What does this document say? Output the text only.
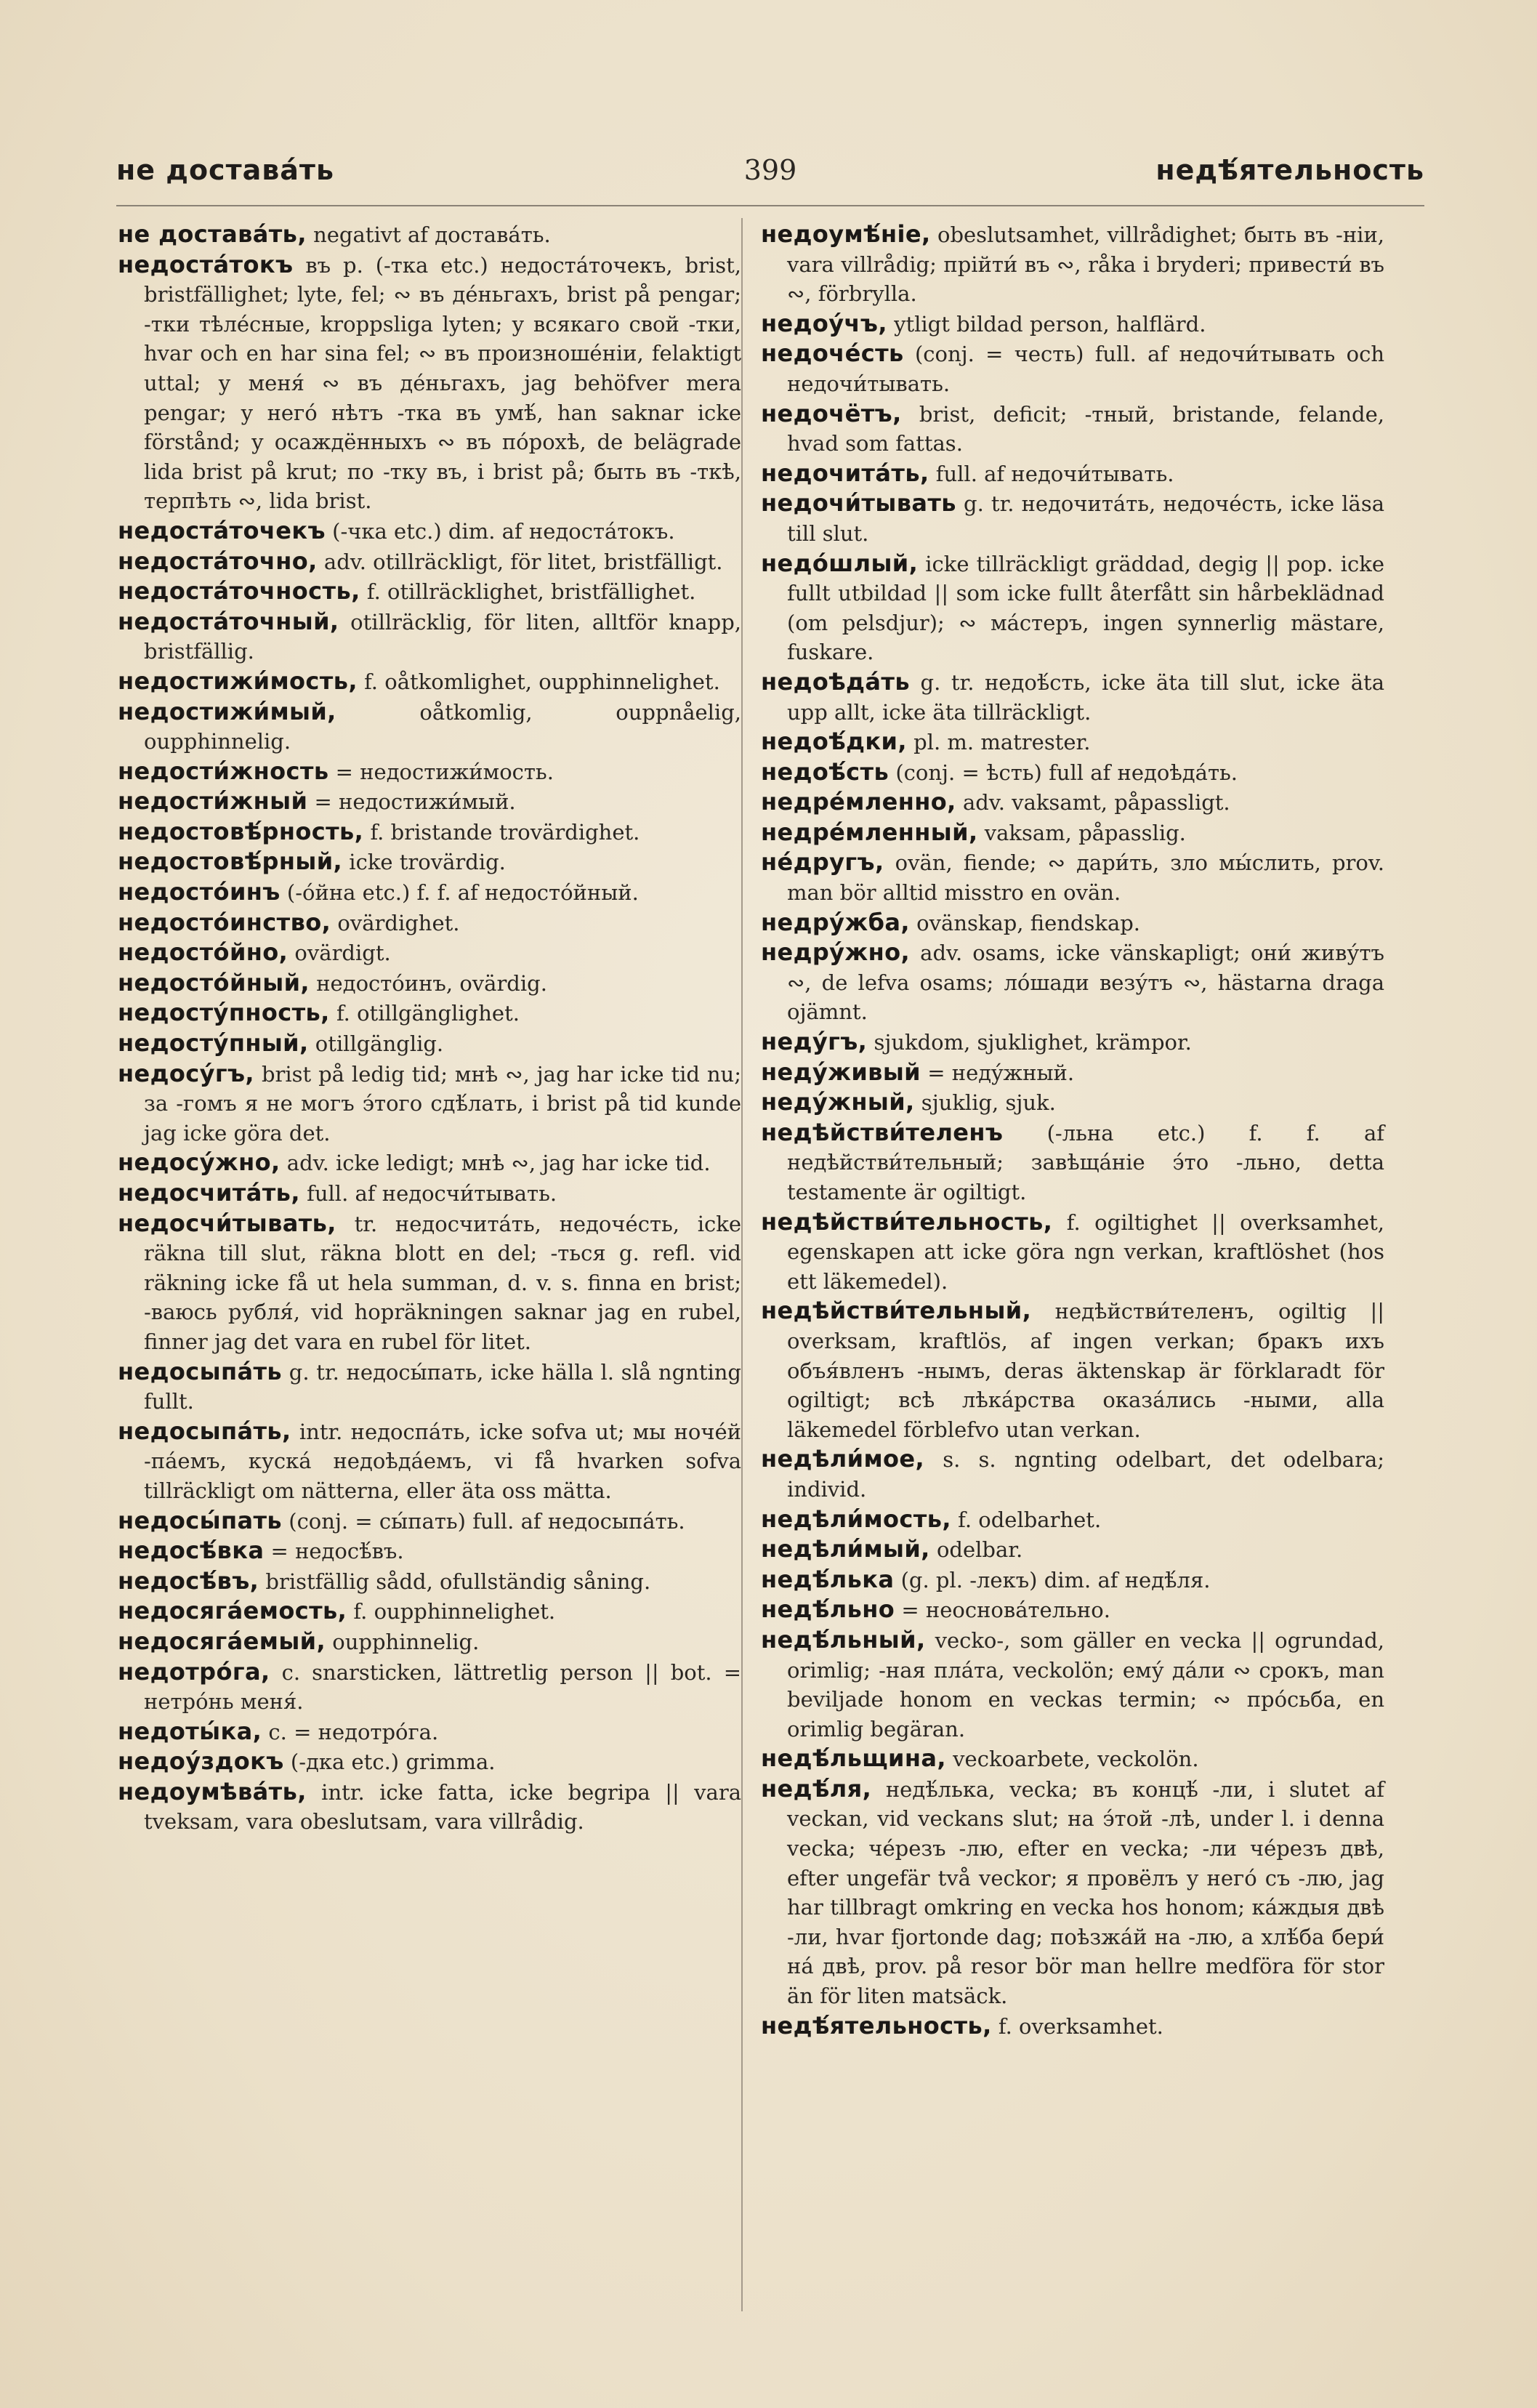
399
не доставáть	недѣ́ятельность

не доставáть, negativt af доставáть.

недостáтокъ въ p. (-тка etc.) недостáточекъ, brist, bristfällighet; lyte, fel; ∾ въ дéньгахъ, brist på pengar; -тки тѣлéсные, kroppsliga lyten; у всякаго свой -тки, hvar och en har sina fel; ∾ въ произношéніи, felaktigt uttal; у меня́ ∾ въ дéньгахъ, jag behöfver mera pengar; у негó нѣтъ -тка въ умѣ́, han saknar icke förstånd; у осаждённыхъ ∾ въ пóрохѣ, de belägrade lida brist på krut; по -тку въ, i brist på; быть въ -ткѣ, терпѣть ∾, lida brist.

недостáточекъ (-чка etc.) dim. af недостáтокъ.

недостáточно, adv. otillräckligt, för litet, bristfälligt.

недостáточность, f. otillräcklighet, bristfällighet.

недостáточный, otillräcklig, för liten, alltför knapp, bristfällig.

недостижи́мость, f. oåtkomlighet, oupphinnelighet.

недостижи́мый, oåtkomlig, ouppnåelig, oupphinnelig.

недости́жность = недостижи́мость.

недости́жный = недостижи́мый.

недостовѣ́рность, f. bristande trovärdighet.

недостовѣ́рный, icke trovärdig.

недостóинъ (-óйна etc.) f. f. af недостóйный.

недостóинство, ovärdighet.

недостóйно, ovärdigt.

недостóйный, недостóинъ, ovärdig.

недосту́пность, f. otillgänglighet.

недосту́пный, otillgänglig.

недосу́гъ, brist på ledig tid; мнѣ ∾, jag har icke tid nu; за -гомъ я не могъ э́того сдѣ́лать, i brist på tid kunde jag icke göra det.

недосу́жно, adv. icke ledigt; мнѣ ∾, jag har icke tid.

недосчитáть, full. af недосчи́тывать.

недосчи́тывать, tr. недосчитáть, недочéсть, icke räkna till slut, räkna blott en del; -ться g. refl. vid räkning icke få ut hela summan, d. v. s. finna en brist; -ваюсь рубля́, vid hopräkningen saknar jag en rubel, finner jag det vara en rubel för litet.

недосыпáть g. tr. недосы́пать, icke hälla l. slå ngnting fullt.

недосыпáть, intr. недоспáть, icke sofva ut; мы ночéй -пáемъ, кускá недоѣдáемъ, vi få hvarken sofva tillräckligt om nätterna, eller äta oss mätta.

недосы́пать (conj. = сы́пать) full. af недосыпáть.

недосѣ́вка = недосѣ́въ.

недосѣ́въ, bristfällig sådd, ofullständig såning.

недосягáемость, f. oupphinnelighet.

недосягáемый, oupphinnelig.

недотрóга, c. snarsticken, lättretlig person || bot. = нетрóнь меня́.

недоты́ка, c. = недотрóга.

недоу́здокъ (-дка etc.) grimma.

недоумѣвáть, intr. icke fatta, icke begripa || vara tveksam, vara obeslutsam, vara villrådig.

недоумѣ́ніе, obeslutsamhet, villrådighet; быть въ -ніи, vara villrådig; прійти́ въ ∾, råka i bryderi; привести́ въ ∾, förbrylla.

недоу́чъ, ytligt bildad person, halflärd.

недочéсть (conj. = честь) full. af недочи́тывать och недочи́тывать.

недочётъ, brist, deficit; -тный, bristande, felande, hvad som fattas.

недочитáть, full. af недочи́тывать.

недочи́тывать g. tr. недочитáть, недочéсть, icke läsa till slut.

недóшлый, icke tillräckligt gräddad, degig || pop. icke fullt utbildad || som icke fullt återfått sin hårbeklädnad (om pelsdjur); ∾ мáстеръ, ingen synnerlig mästare, fuskare.

недоѣдáть g. tr. недоѣ́сть, icke äta till slut, icke äta upp allt, icke äta tillräckligt.

недоѣ́дки, pl. m. matrester.

недоѣ́сть (conj. = ѣсть) full af недоѣдáть.

недрéмленно, adv. vaksamt, påpassligt.

недрéмленный, vaksam, påpasslig.

нéдругъ, ovän, fiende; ∾ дари́ть, зло мы́слить, prov. man bör alltid misstro en ovän.

недру́жба, ovänskap, fiendskap.

недру́жно, adv. osams, icke vänskapligt; они́ живу́тъ ∾, de lefva osams; лóшади везу́тъ ∾, hästarna draga ojämnt.

недýгъ, sjukdom, sjuklighet, krämpor.

недýживый = недýжный.

недýжный, sjuklig, sjuk.

недѣйстви́теленъ (-льна etc.) f. f. af недѣйстви́тельный; завѣщáніе э́то -льно, detta testamente är ogiltigt.

недѣйстви́тельность, f. ogiltighet || overksamhet, egenskapen att icke göra ngn verkan, kraftlöshet (hos ett läkemedel).

недѣйстви́тельный, недѣйстви́теленъ, ogiltig || overksam, kraftlös, af ingen verkan; бракъ ихъ объя́вленъ -нымъ, deras äktenskap är förklaradt för ogiltigt; всѣ лѣкáрства оказáлись -ными, alla läkemedel förblefvo utan verkan.

недѣли́мое, s. s. ngnting odelbart, det odelbara; individ.

недѣли́мость, f. odelbarhet.

недѣли́мый, odelbar.

недѣ́лька (g. pl. -лекъ) dim. af недѣ́ля.

недѣ́льно = неосновáтельно.

недѣ́льный, vecko-, som gäller en vecka || ogrundad, orimlig; -ная плáта, veckolön; ему́ дáли ∾ срокъ, man beviljade honom en veckas termin; ∾ прóсьба, en orimlig begäran.

недѣ́льщина, veckoarbete, veckolön.

недѣ́ля, недѣ́лька, vecka; въ концѣ́ -ли, i slutet af veckan, vid veckans slut; на э́той -лѣ, under l. i denna vecka; чéрезъ -лю, efter en vecka; -ли чéрезъ двѣ, efter ungefär två veckor; я провёлъ у негó съ -лю, jag har tillbragt omkring en vecka hos honom; кáждыя двѣ -ли, hvar fjortonde dag; поѣзжáй на -лю, а хлѣ́ба бери́ нá двѣ, prov. på resor bör man hellre medföra för stor än för liten matsäck.

недѣ́ятельность, f. overksamhet.
